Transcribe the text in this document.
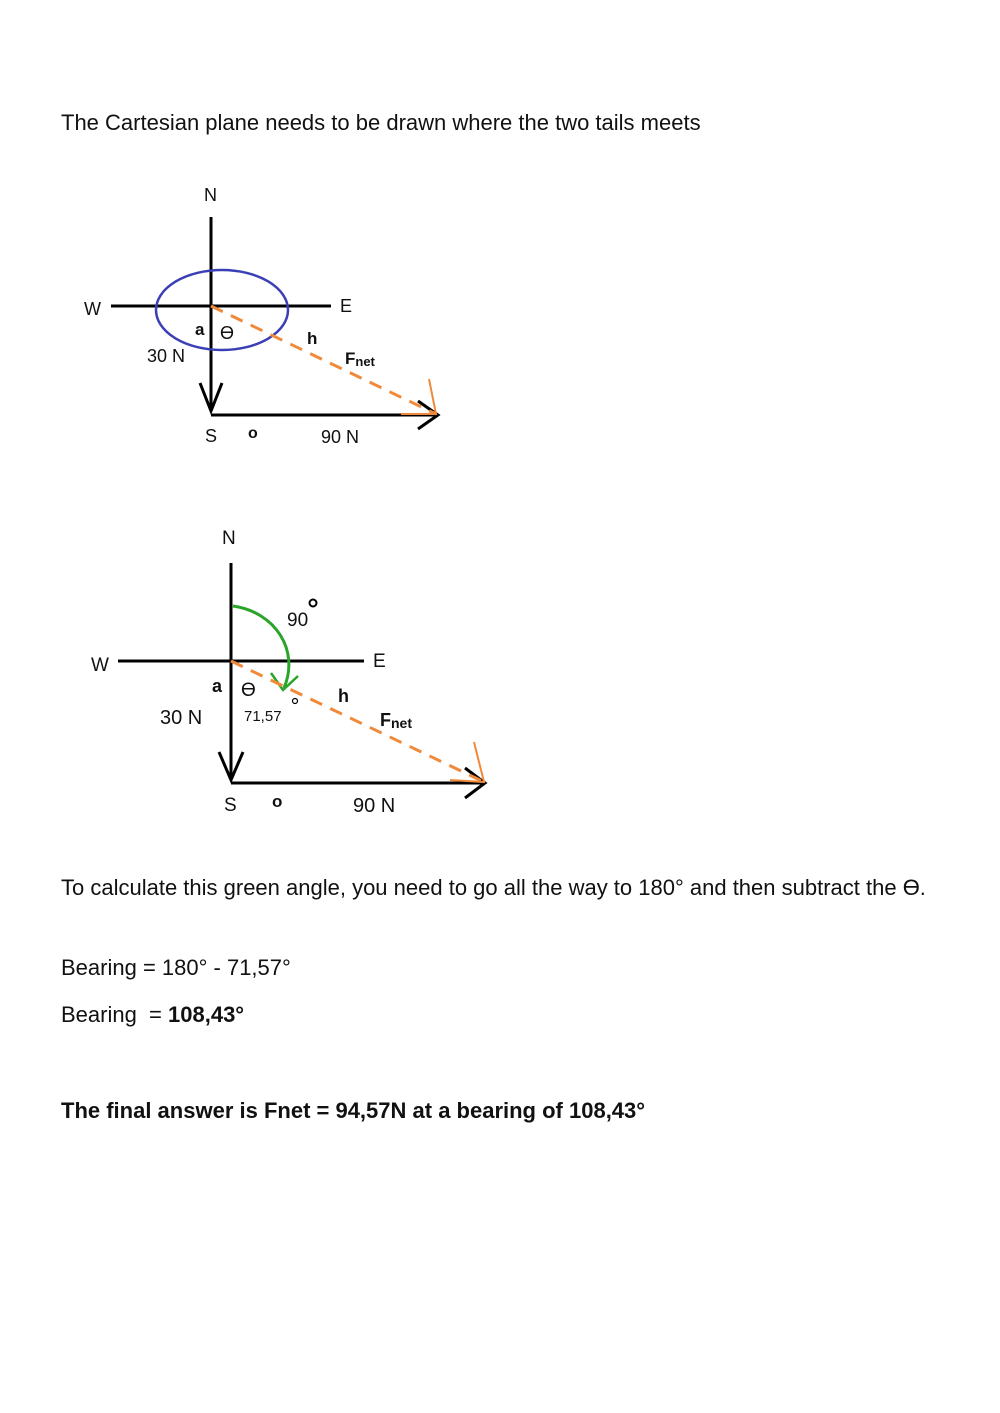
The Cartesian plane needs to be drawn where the two tails meets

N
W	E
S
a ϴ	h
o
30 N
90 N
Fnet
N
W	E
S
90
a ϴ
71,57
h
o
30 N
90 N
Fnet

To calculate this green angle, you need to go all the way to 180° and then subtract the ϴ.

Bearing = 180° - 71,57°

Bearing  = 108,43°

The final answer is Fnet = 94,57N at a bearing of 108,43°
